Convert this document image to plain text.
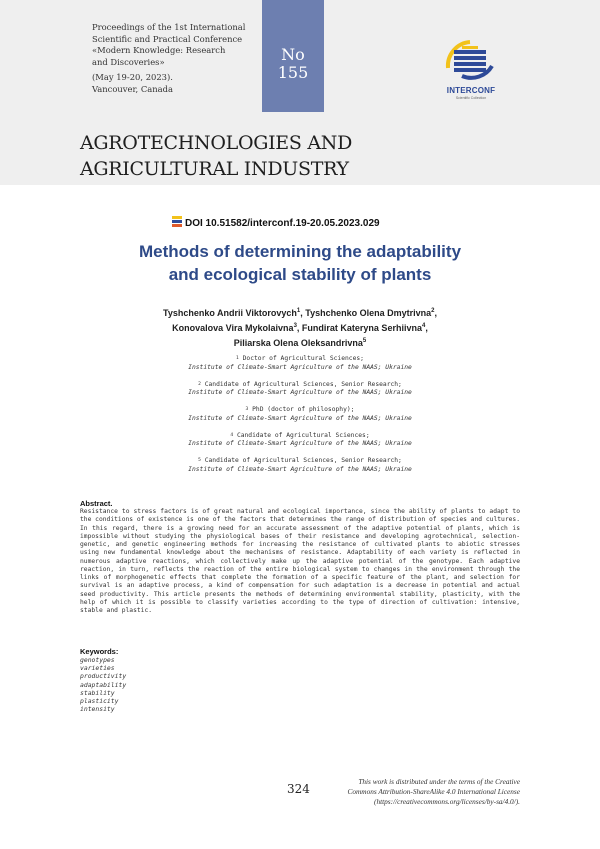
Proceedings of the 1st International
Scientific and Practical Conference
«Modern Knowledge: Research
and Discoveries»
(May 19-20, 2023).
Vancouver, Canada
No
155
INTERCONF
Scientific Collection
AGROTECHNOLOGIES AND
AGRICULTURAL INDUSTRY
DOI 10.51582/interconf.19-20.05.2023.029
Methods of determining the adaptability
and ecological stability of plants
Tyshchenko Andrii Viktorovych$^1$, Tyshchenko Olena Dmytrivna$^2$,
Konovalova Vira Mykolaivna$^3$, Fundirat Kateryna Serhiivna$^4$,
Piliarska Olena Oleksandrivna$^5$
$^1$ Doctor of Agricultural Sciences;
Institute of Climate-Smart Agriculture of the NAAS; Ukraine
$^2$ Candidate of Agricultural Sciences, Senior Research;
Institute of Climate-Smart Agriculture of the NAAS; Ukraine
$^3$ PhD (doctor of philosophy);
Institute of Climate-Smart Agriculture of the NAAS; Ukraine
$^4$ Candidate of Agricultural Sciences;
Institute of Climate-Smart Agriculture of the NAAS; Ukraine
$^5$ Candidate of Agricultural Sciences, Senior Research;
Institute of Climate-Smart Agriculture of the NAAS; Ukraine
Abstract.

Resistance to stress factors is of great natural and ecological importance, since the ability of plants to adapt to the conditions of existence is one of the factors that determines the range of distribution of species and cultures. In this regard, there is a growing need for an accurate assessment of the adaptive potential of plants, which is impossible without studying the physiological bases of their resistance and developing agrotechnical, selection-genetic, and genetic engineering methods for increasing the resistance of cultivated plants to abiotic stresses using new fundamental knowledge about the mechanisms of resistance. Adaptability of each variety is reflected in numerous adaptive reactions, which collectively make up the adaptive potential of the genotype. Each adaptive reaction, in turn, reflects the reaction of the entire biological system to changes in the environment through the links of morphogenetic effects that complete the formation of a specific feature of the plant, and selection for survival is an adaptive process, a kind of compensation for such adaptation is a decrease in potential and actual seed productivity. This article presents the methods of determining environmental stability, plasticity, with the help of which it is possible to classify varieties according to the type of direction of cultivation: intensive, stable and plastic.

Keywords:
genotypes
varieties
productivity
adaptability
stability
plasticity
intensity
324
This work is distributed under the terms of the Creative
Commons Attribution-ShareAlike 4.0 International License
(https://creativecommons.org/licenses/by-sa/4.0/).
